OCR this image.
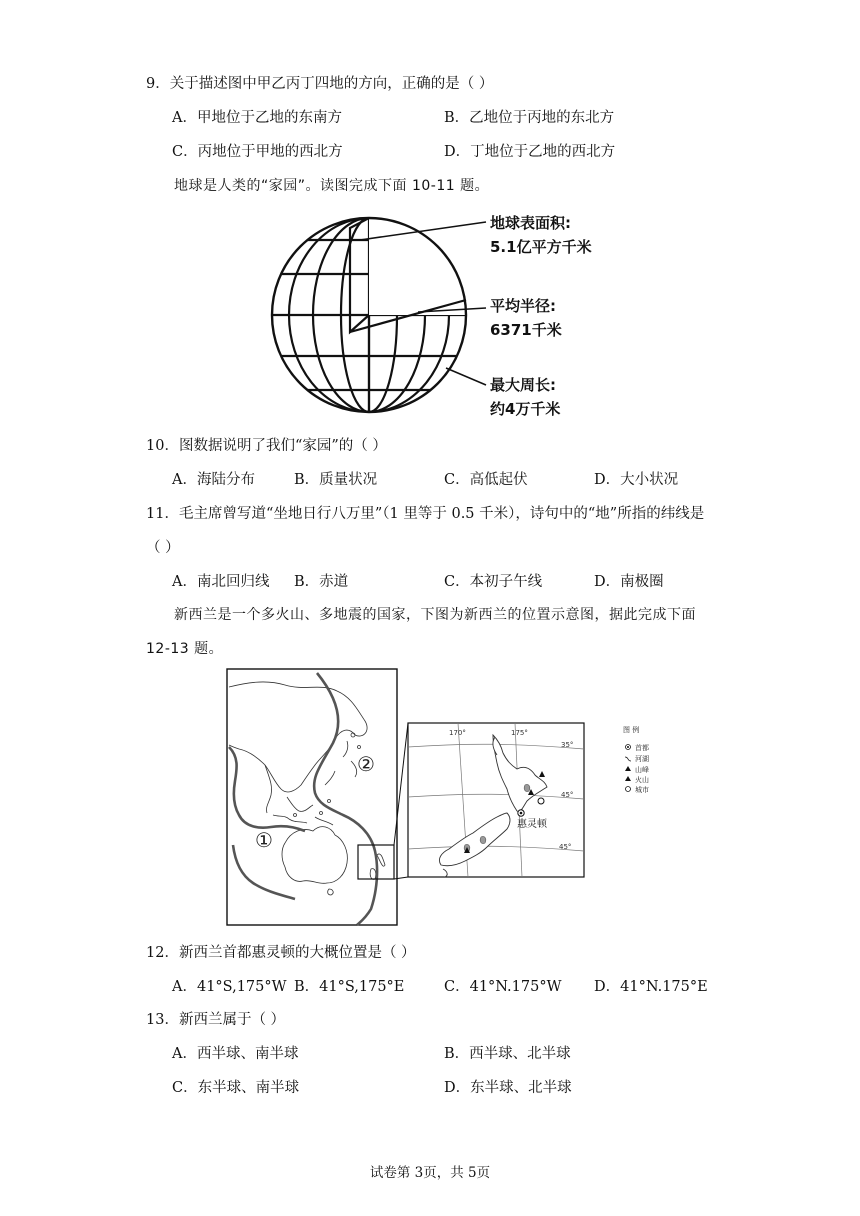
9．关于描述图中甲乙丙丁四地的方向，正确的是（ ）
A．甲地位于乙地的东南方	B．乙地位于丙地的东北方
C．丙地位于甲地的西北方	D．丁地位于乙地的西北方
地球是人类的“家园”。读图完成下面 10-11 题。
地球表面积:
5.1亿平方千米
平均半径:
6371千米
最大周长:
约4万千米
10．图数据说明了我们“家园”的（ ）
A．海陆分布	B．质量状况	C．高低起伏	D．大小状况
11．毛主席曾写道“坐地日行八万里”（1 里等于 0.5 千米），诗句中的“地”所指的纬线是
（ ）
A．南北回归线 B．赤道	C．本初子午线	D．南极圈
新西兰是一个多火山、多地震的国家，下图为新西兰的位置示意图，据此完成下面
12-13 题。
①
②
惠灵顿
170°	175°
35°
45°
45°
图 例
首都
河湖
山峰
火山
城市
12．新西兰首都惠灵顿的大概位置是（ ）
A．41°S,175°W B．41°S,175°E	C．41°N.175°W D．41°N.175°E
13．新西兰属于（ ）
A．西半球、南半球	B．西半球、北半球
C．东半球、南半球	D．东半球、北半球
试卷第 3页，共 5页
